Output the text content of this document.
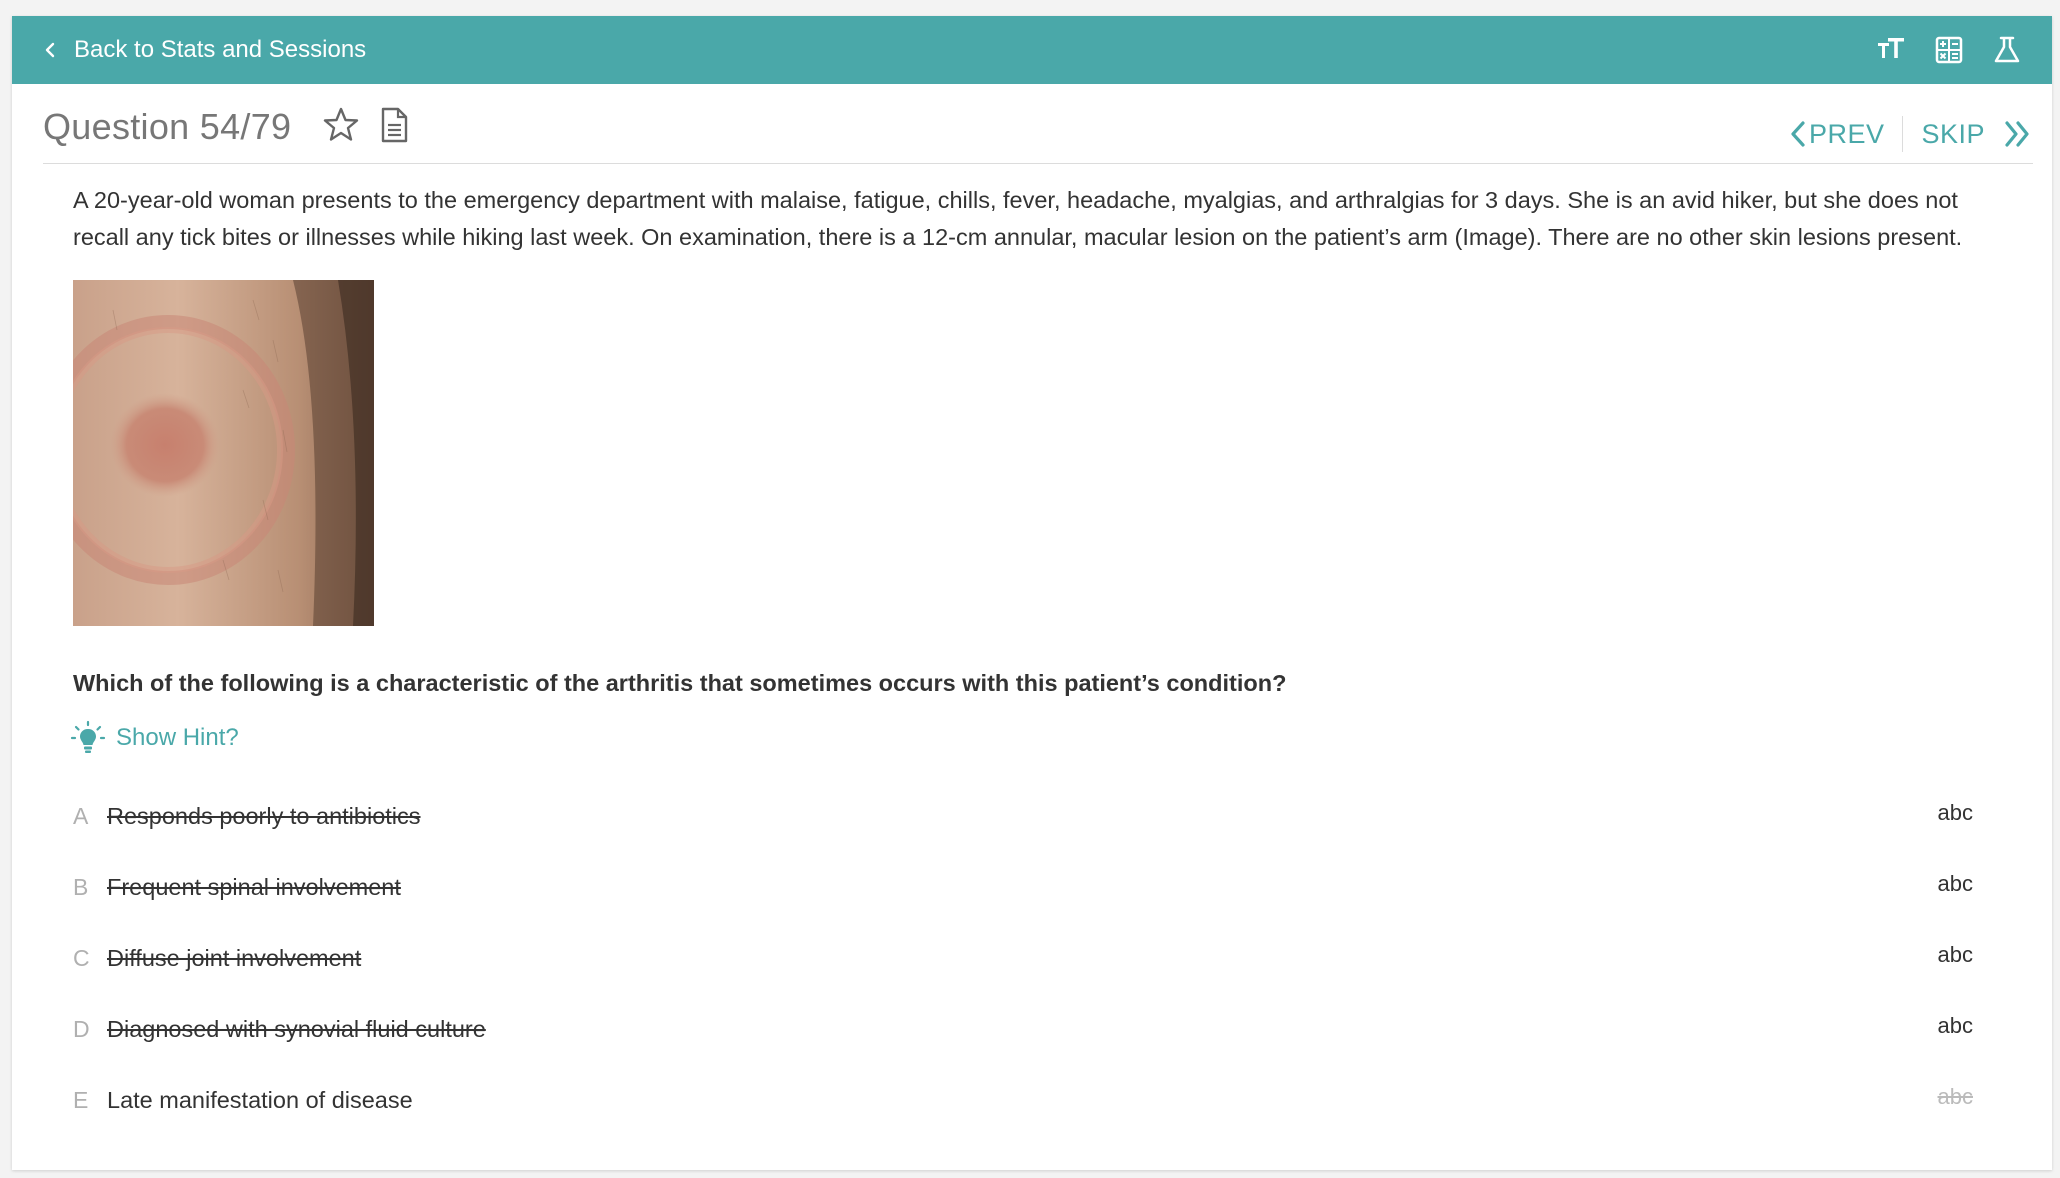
Back to Stats and Sessions
Question 54/79	PREV SKIP
A 20-year-old woman presents to the emergency department with malaise, fatigue, chills, fever, headache, myalgias, and arthralgias for 3 days. She is an avid hiker, but she does not recall any tick bites or illnesses while hiking last week. On examination, there is a 12-cm annular, macular lesion on the patient’s arm (Image). There are no other skin lesions present.
Which of the following is a characteristic of the arthritis that sometimes occurs with this patient’s condition?
Show Hint?
A Responds poorly to antibiotics	abc
B Frequent spinal involvement	abc
C Diffuse joint involvement	abc
D Diagnosed with synovial fluid culture	abc
E Late manifestation of disease	abc
